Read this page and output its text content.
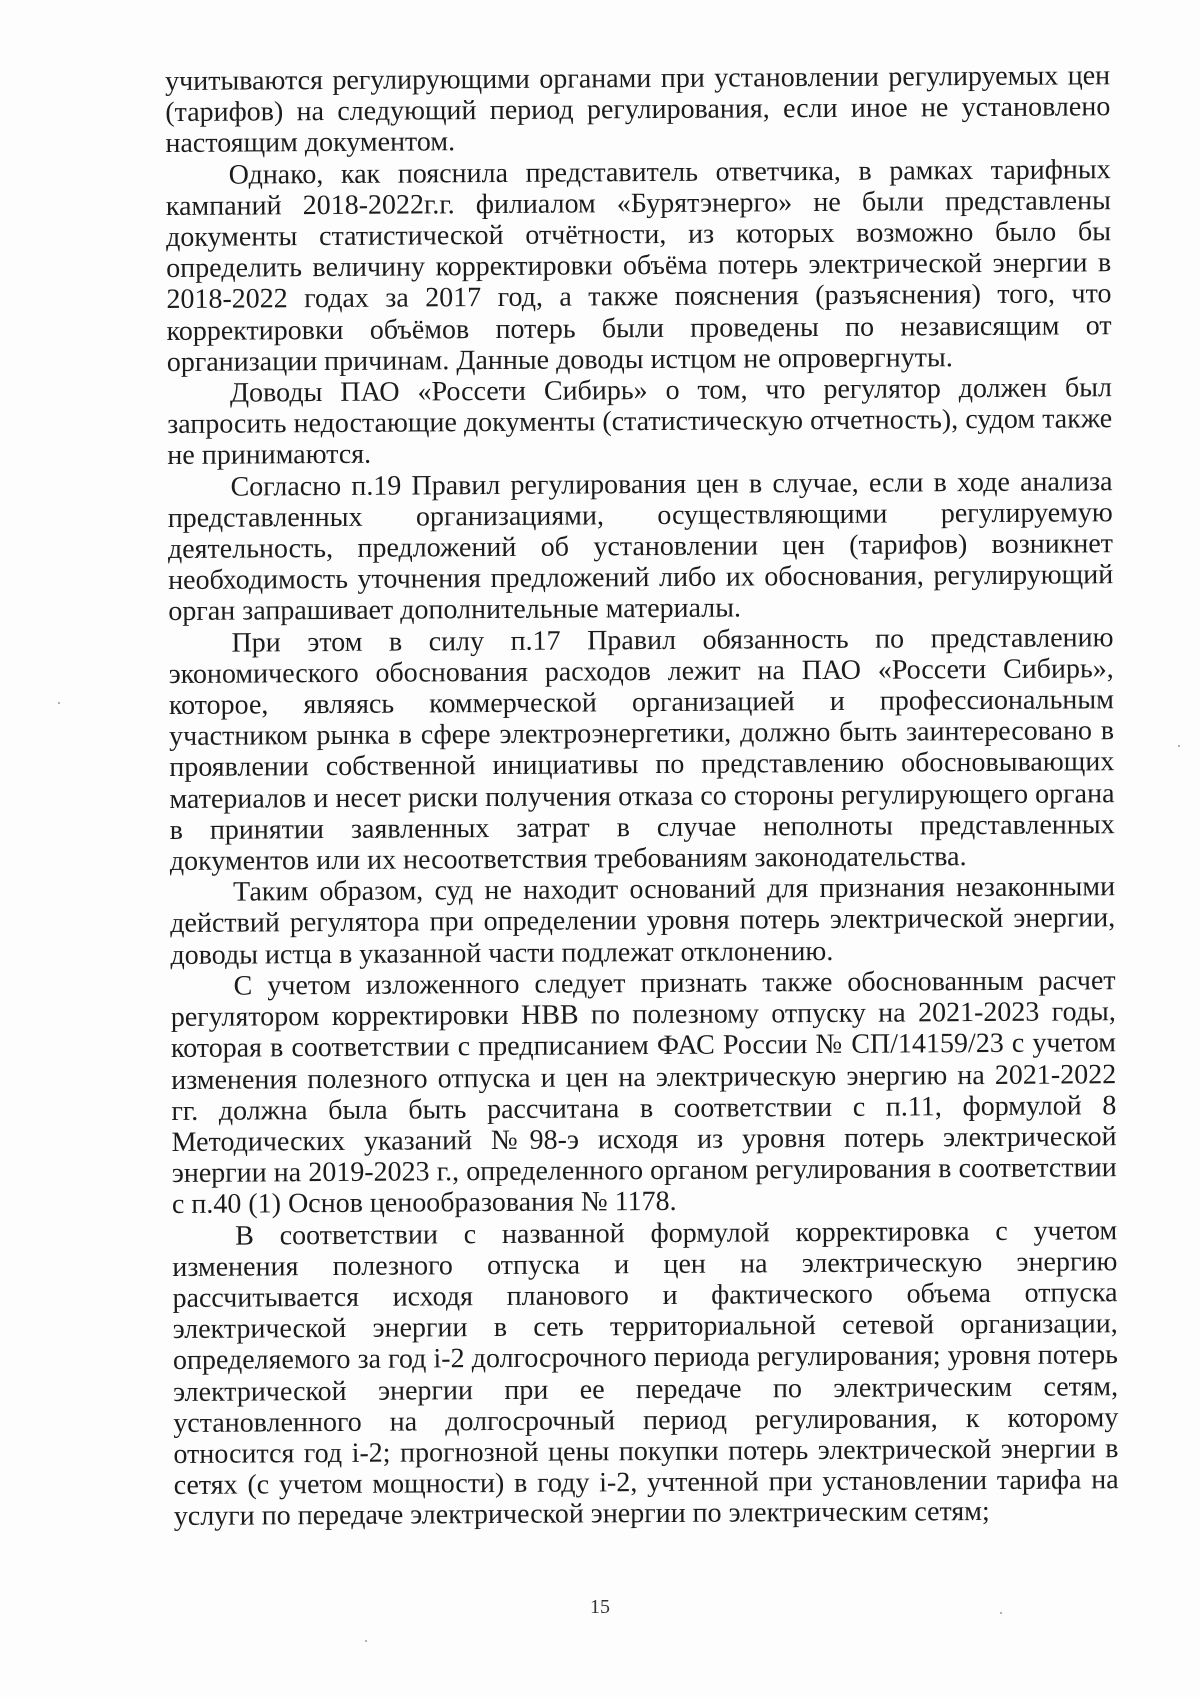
учитываются регулирующими органами при установлении регулируемых цен (тарифов) на следующий период регулирования, если иное не установлено настоящим документом.

Однако, как пояснила представитель ответчика, в рамках тарифных кампаний 2018-2022г.г. филиалом «Бурятэнерго» не были представлены документы статистической отчётности, из которых возможно было бы определить величину корректировки объёма потерь электрической энергии в 2018-2022 годах за 2017 год, а также пояснения (разъяснения) того, что корректировки объёмов потерь были проведены по независящим от организации причинам. Данные доводы истцом не опровергнуты.

Доводы ПАО «Россети Сибирь» о том, что регулятор должен был запросить недостающие документы (статистическую отчетность), судом также не принимаются.

Согласно п.19 Правил регулирования цен в случае, если в ходе анализа представленных организациями, осуществляющими регулируемую деятельность, предложений об установлении цен (тарифов) возникнет необходимость уточнения предложений либо их обоснования, регулирующий орган запрашивает дополнительные материалы.

При этом в силу п.17 Правил обязанность по представлению экономического обоснования расходов лежит на ПАО «Россети Сибирь», которое, являясь коммерческой организацией и профессиональным участником рынка в сфере электроэнергетики, должно быть заинтересовано в проявлении собственной инициативы по представлению обосновывающих материалов и несет риски получения отказа со стороны регулирующего органа в принятии заявленных затрат в случае неполноты представленных документов или их несоответствия требованиям законодательства.

Таким образом, суд не находит оснований для признания незаконными действий регулятора при определении уровня потерь электрической энергии, доводы истца в указанной части подлежат отклонению.

С учетом изложенного следует признать также обоснованным расчет регулятором корректировки НВВ по полезному отпуску на 2021-2023 годы, которая в соответствии с предписанием ФАС России № СП/14159/23 с учетом изменения полезного отпуска и цен на электрическую энергию на 2021-2022 гг. должна была быть рассчитана в соответствии с п.11, формулой 8 Методических указаний №98-э исходя из уровня потерь электрической энергии на 2019-2023 г., определенного органом регулирования в соответствии с п.40 (1) Основ ценообразования № 1178.

В соответствии с названной формулой корректировка с учетом изменения полезного отпуска и цен на электрическую энергию рассчитывается исходя планового и фактического объема отпуска электрической энергии в сеть территориальной сетевой организации, определяемого за год i-2 долгосрочного периода регулирования; уровня потерь электрической энергии при ее передаче по электрическим сетям, установленного на долгосрочный период регулирования, к которому относится год i-2; прогнозной цены покупки потерь электрической энергии в сетях (с учетом мощности) в году i-2, учтенной при установлении тарифа на услуги по передаче электрической энергии по электрическим сетям;

15
